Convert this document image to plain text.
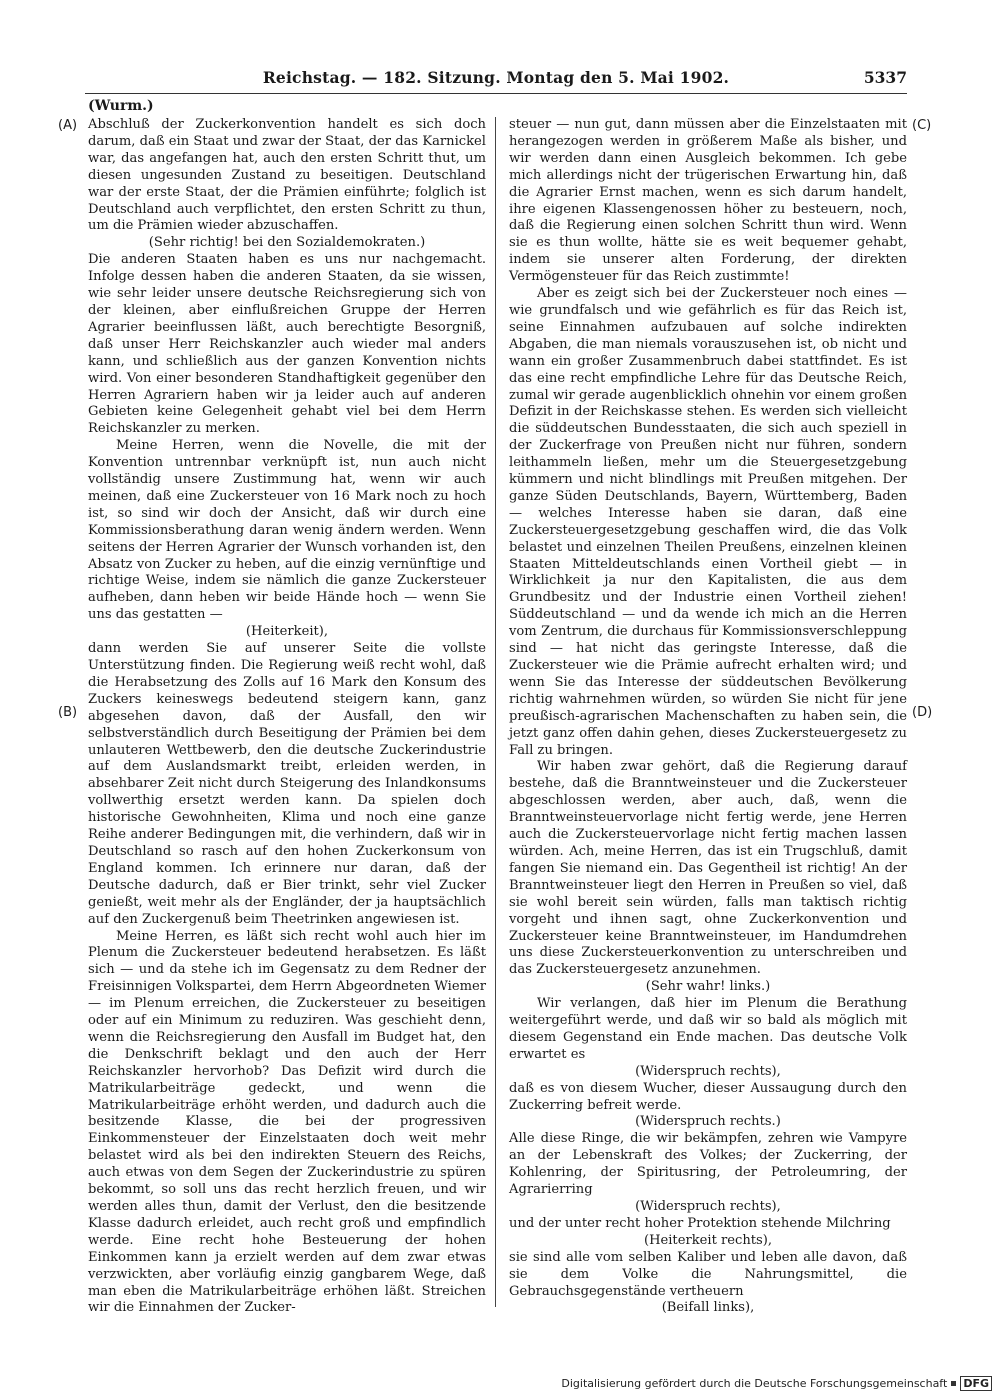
Reichstag. — 182. Sitzung. Montag den 5. Mai 1902.	5337
(Wurm.)
(A)
(B)
(C)
(D)

Abschluß der Zuckerkonvention handelt es sich doch darum, daß ein Staat und zwar der Staat, der das Karnickel war, das angefangen hat, auch den ersten Schritt thut, um diesen ungesunden Zustand zu beseitigen. Deutschland war der erste Staat, der die Prämien einführte; folglich ist Deutschland auch verpflichtet, den ersten Schritt zu thun, um die Prämien wieder abzuschaffen.

(Sehr richtig! bei den Sozialdemokraten.)

Die anderen Staaten haben es uns nur nachgemacht. Infolge dessen haben die anderen Staaten, da sie wissen, wie sehr leider unsere deutsche Reichsregierung sich von der kleinen, aber einflußreichen Gruppe der Herren Agrarier beeinflussen läßt, auch berechtigte Besorgniß, daß unser Herr Reichskanzler auch wieder mal anders kann, und schließlich aus der ganzen Konvention nichts wird. Von einer besonderen Standhaftigkeit gegenüber den Herren Agrariern haben wir ja leider auch auf anderen Gebieten keine Gelegenheit gehabt viel bei dem Herrn Reichskanzler zu merken.

Meine Herren, wenn die Novelle, die mit der Konvention untrennbar verknüpft ist, nun auch nicht vollständig unsere Zustimmung hat, wenn wir auch meinen, daß eine Zuckersteuer von 16 Mark noch zu hoch ist, so sind wir doch der Ansicht, daß wir durch eine Kommissionsberathung daran wenig ändern werden. Wenn seitens der Herren Agrarier der Wunsch vorhanden ist, den Absatz von Zucker zu heben, auf die einzig vernünftige und richtige Weise, indem sie nämlich die ganze Zuckersteuer aufheben, dann heben wir beide Hände hoch — wenn Sie uns das gestatten —

(Heiterkeit),

dann werden Sie auf unserer Seite die vollste Unterstützung finden. Die Regierung weiß recht wohl, daß die Herabsetzung des Zolls auf 16 Mark den Konsum des Zuckers keineswegs bedeutend steigern kann, ganz abgesehen davon, daß der Ausfall, den wir selbstverständlich durch Beseitigung der Prämien bei dem unlauteren Wettbewerb, den die deutsche Zuckerindustrie auf dem Auslandsmarkt treibt, erleiden werden, in absehbarer Zeit nicht durch Steigerung des Inlandkonsums vollwerthig ersetzt werden kann. Da spielen doch historische Gewohnheiten, Klima und noch eine ganze Reihe anderer Bedingungen mit, die verhindern, daß wir in Deutschland so rasch auf den hohen Zuckerkonsum von England kommen. Ich erinnere nur daran, daß der Deutsche dadurch, daß er Bier trinkt, sehr viel Zucker genießt, weit mehr als der Engländer, der ja hauptsächlich auf den Zuckergenuß beim Theetrinken angewiesen ist.

Meine Herren, es läßt sich recht wohl auch hier im Plenum die Zuckersteuer bedeutend herabsetzen. Es läßt sich — und da stehe ich im Gegensatz zu dem Redner der Freisinnigen Volkspartei, dem Herrn Abgeordneten Wiemer — im Plenum erreichen, die Zuckersteuer zu beseitigen oder auf ein Minimum zu reduziren. Was geschieht denn, wenn die Reichsregierung den Ausfall im Budget hat, den die Denkschrift beklagt und den auch der Herr Reichskanzler hervorhob? Das Defizit wird durch die Matrikularbeiträge gedeckt, und wenn die Matrikularbeiträge erhöht werden, und dadurch auch die besitzende Klasse, die bei der progressiven Einkommensteuer der Einzelstaaten doch weit mehr belastet wird als bei den indirekten Steuern des Reichs, auch etwas von dem Segen der Zuckerindustrie zu spüren bekommt, so soll uns das recht herzlich freuen, und wir werden alles thun, damit der Verlust, den die besitzende Klasse dadurch erleidet, auch recht groß und empfindlich werde. Eine recht hohe Besteuerung der hohen Einkommen kann ja erzielt werden auf dem zwar etwas verzwickten, aber vorläufig einzig gangbarem Wege, daß man eben die Matrikularbeiträge erhöhen läßt. Streichen wir die Einnahmen der Zucker-

steuer — nun gut, dann müssen aber die Einzelstaaten mit herangezogen werden in größerem Maße als bisher, und wir werden dann einen Ausgleich bekommen. Ich gebe mich allerdings nicht der trügerischen Erwartung hin, daß die Agrarier Ernst machen, wenn es sich darum handelt, ihre eigenen Klassengenossen höher zu besteuern, noch, daß die Regierung einen solchen Schritt thun wird. Wenn sie es thun wollte, hätte sie es weit bequemer gehabt, indem sie unserer alten Forderung, der direkten Vermögensteuer für das Reich zustimmte!

Aber es zeigt sich bei der Zuckersteuer noch eines — wie grundfalsch und wie gefährlich es für das Reich ist, seine Einnahmen aufzubauen auf solche indirekten Abgaben, die man niemals vorauszusehen ist, ob nicht und wann ein großer Zusammenbruch dabei stattfindet. Es ist das eine recht empfindliche Lehre für das Deutsche Reich, zumal wir gerade augenblicklich ohnehin vor einem großen Defizit in der Reichskasse stehen. Es werden sich vielleicht die süddeutschen Bundesstaaten, die sich auch speziell in der Zuckerfrage von Preußen nicht nur führen, sondern leithammeln ließen, mehr um die Steuergesetzgebung kümmern und nicht blindlings mit Preußen mitgehen. Der ganze Süden Deutschlands, Bayern, Württemberg, Baden — welches Interesse haben sie daran, daß eine Zuckersteuergesetzgebung geschaffen wird, die das Volk belastet und einzelnen Theilen Preußens, einzelnen kleinen Staaten Mitteldeutschlands einen Vortheil giebt — in Wirklichkeit ja nur den Kapitalisten, die aus dem Grundbesitz und der Industrie einen Vortheil ziehen! Süddeutschland — und da wende ich mich an die Herren vom Zentrum, die durchaus für Kommissionsverschleppung sind — hat nicht das geringste Interesse, daß die Zuckersteuer wie die Prämie aufrecht erhalten wird; und wenn Sie das Interesse der süddeutschen Bevölkerung richtig wahrnehmen würden, so würden Sie nicht für jene preußisch-agrarischen Machenschaften zu haben sein, die jetzt ganz offen dahin gehen, dieses Zuckersteuergesetz zu Fall zu bringen.

Wir haben zwar gehört, daß die Regierung darauf bestehe, daß die Branntweinsteuer und die Zuckersteuer abgeschlossen werden, aber auch, daß, wenn die Branntweinsteuervorlage nicht fertig werde, jene Herren auch die Zuckersteuervorlage nicht fertig machen lassen würden. Ach, meine Herren, das ist ein Trugschluß, damit fangen Sie niemand ein. Das Gegentheil ist richtig! An der Branntweinsteuer liegt den Herren in Preußen so viel, daß sie wohl bereit sein würden, falls man taktisch richtig vorgeht und ihnen sagt, ohne Zuckerkonvention und Zuckersteuer keine Branntweinsteuer, im Handumdrehen uns diese Zuckersteuerkonvention zu unterschreiben und das Zuckersteuergesetz anzunehmen.

(Sehr wahr! links.)

Wir verlangen, daß hier im Plenum die Berathung weitergeführt werde, und daß wir so bald als möglich mit diesem Gegenstand ein Ende machen. Das deutsche Volk erwartet es

(Widerspruch rechts),

daß es von diesem Wucher, dieser Aussaugung durch den Zuckerring befreit werde.

(Widerspruch rechts.)

Alle diese Ringe, die wir bekämpfen, zehren wie Vampyre an der Lebenskraft des Volkes; der Zuckerring, der Kohlenring, der Spiritusring, der Petroleumring, der Agrarierring

(Widerspruch rechts),

und der unter recht hoher Protektion stehende Milchring

(Heiterkeit rechts),

sie sind alle vom selben Kaliber und leben alle davon, daß sie dem Volke die Nahrungsmittel, die Gebrauchsgegenstände vertheuern

(Beifall links),

Digitalisierung gefördert durch die Deutsche Forschungsgemeinschaft DFG
